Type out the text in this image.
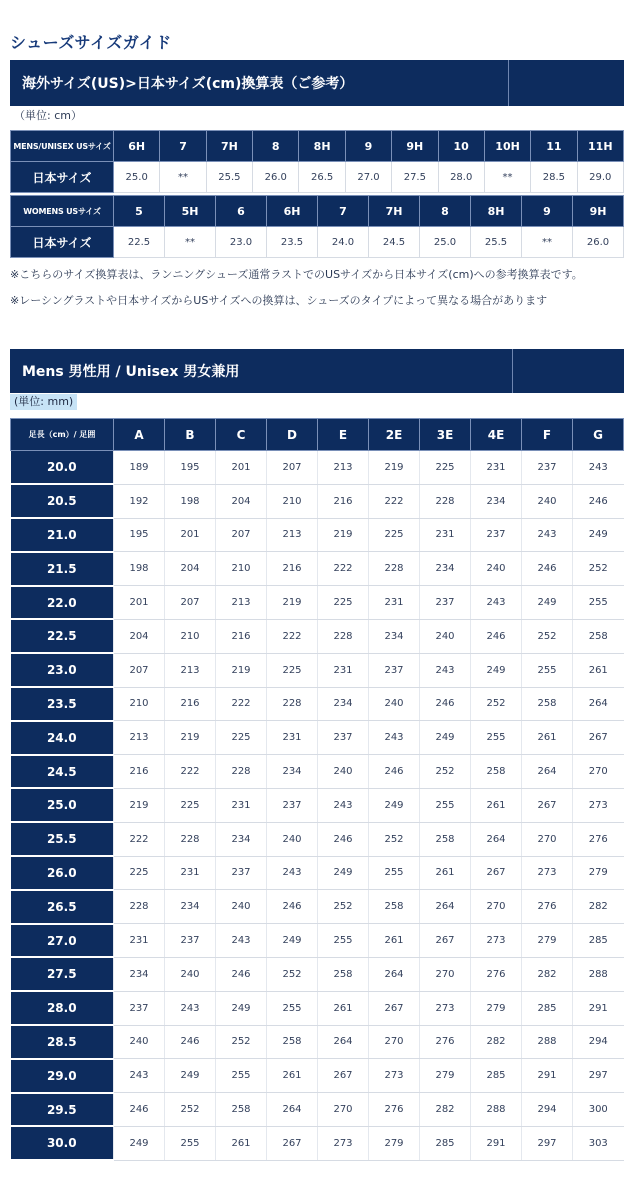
シューズサイズガイド
海外サイズ(US)>日本サイズ(cm)換算表（ご参考）
（単位: cm）
MENS/UNISEX USサイズ	6H	7	7H	8	8H	9	9H	10	10H	11	11H
日本サイズ	25.0	**	25.5	26.0	26.5	27.0	27.5	28.0	**	28.5	29.0
WOMENS USサイズ	5	5H	6	6H	7	7H	8	8H	9	9H
日本サイズ	22.5	**	23.0	23.5	24.0	24.5	25.0	25.5	**	26.0
※こちらのサイズ換算表は、ランニングシューズ通常ラストでのUSサイズから日本サイズ(cm)への参考換算表です。
※レーシングラストや日本サイズからUSサイズへの換算は、シューズのタイプによって異なる場合があります
Mens 男性用 / Unisex 男女兼用
(単位: mm)
足長（cm）/ 足囲	A	B	C	D	E	2E	3E	4E	F	G
20.0	189	195	201	207	213	219	225	231	237	243
20.5	192	198	204	210	216	222	228	234	240	246
21.0	195	201	207	213	219	225	231	237	243	249
21.5	198	204	210	216	222	228	234	240	246	252
22.0	201	207	213	219	225	231	237	243	249	255
22.5	204	210	216	222	228	234	240	246	252	258
23.0	207	213	219	225	231	237	243	249	255	261
23.5	210	216	222	228	234	240	246	252	258	264
24.0	213	219	225	231	237	243	249	255	261	267
24.5	216	222	228	234	240	246	252	258	264	270
25.0	219	225	231	237	243	249	255	261	267	273
25.5	222	228	234	240	246	252	258	264	270	276
26.0	225	231	237	243	249	255	261	267	273	279
26.5	228	234	240	246	252	258	264	270	276	282
27.0	231	237	243	249	255	261	267	273	279	285
27.5	234	240	246	252	258	264	270	276	282	288
28.0	237	243	249	255	261	267	273	279	285	291
28.5	240	246	252	258	264	270	276	282	288	294
29.0	243	249	255	261	267	273	279	285	291	297
29.5	246	252	258	264	270	276	282	288	294	300
30.0	249	255	261	267	273	279	285	291	297	303
